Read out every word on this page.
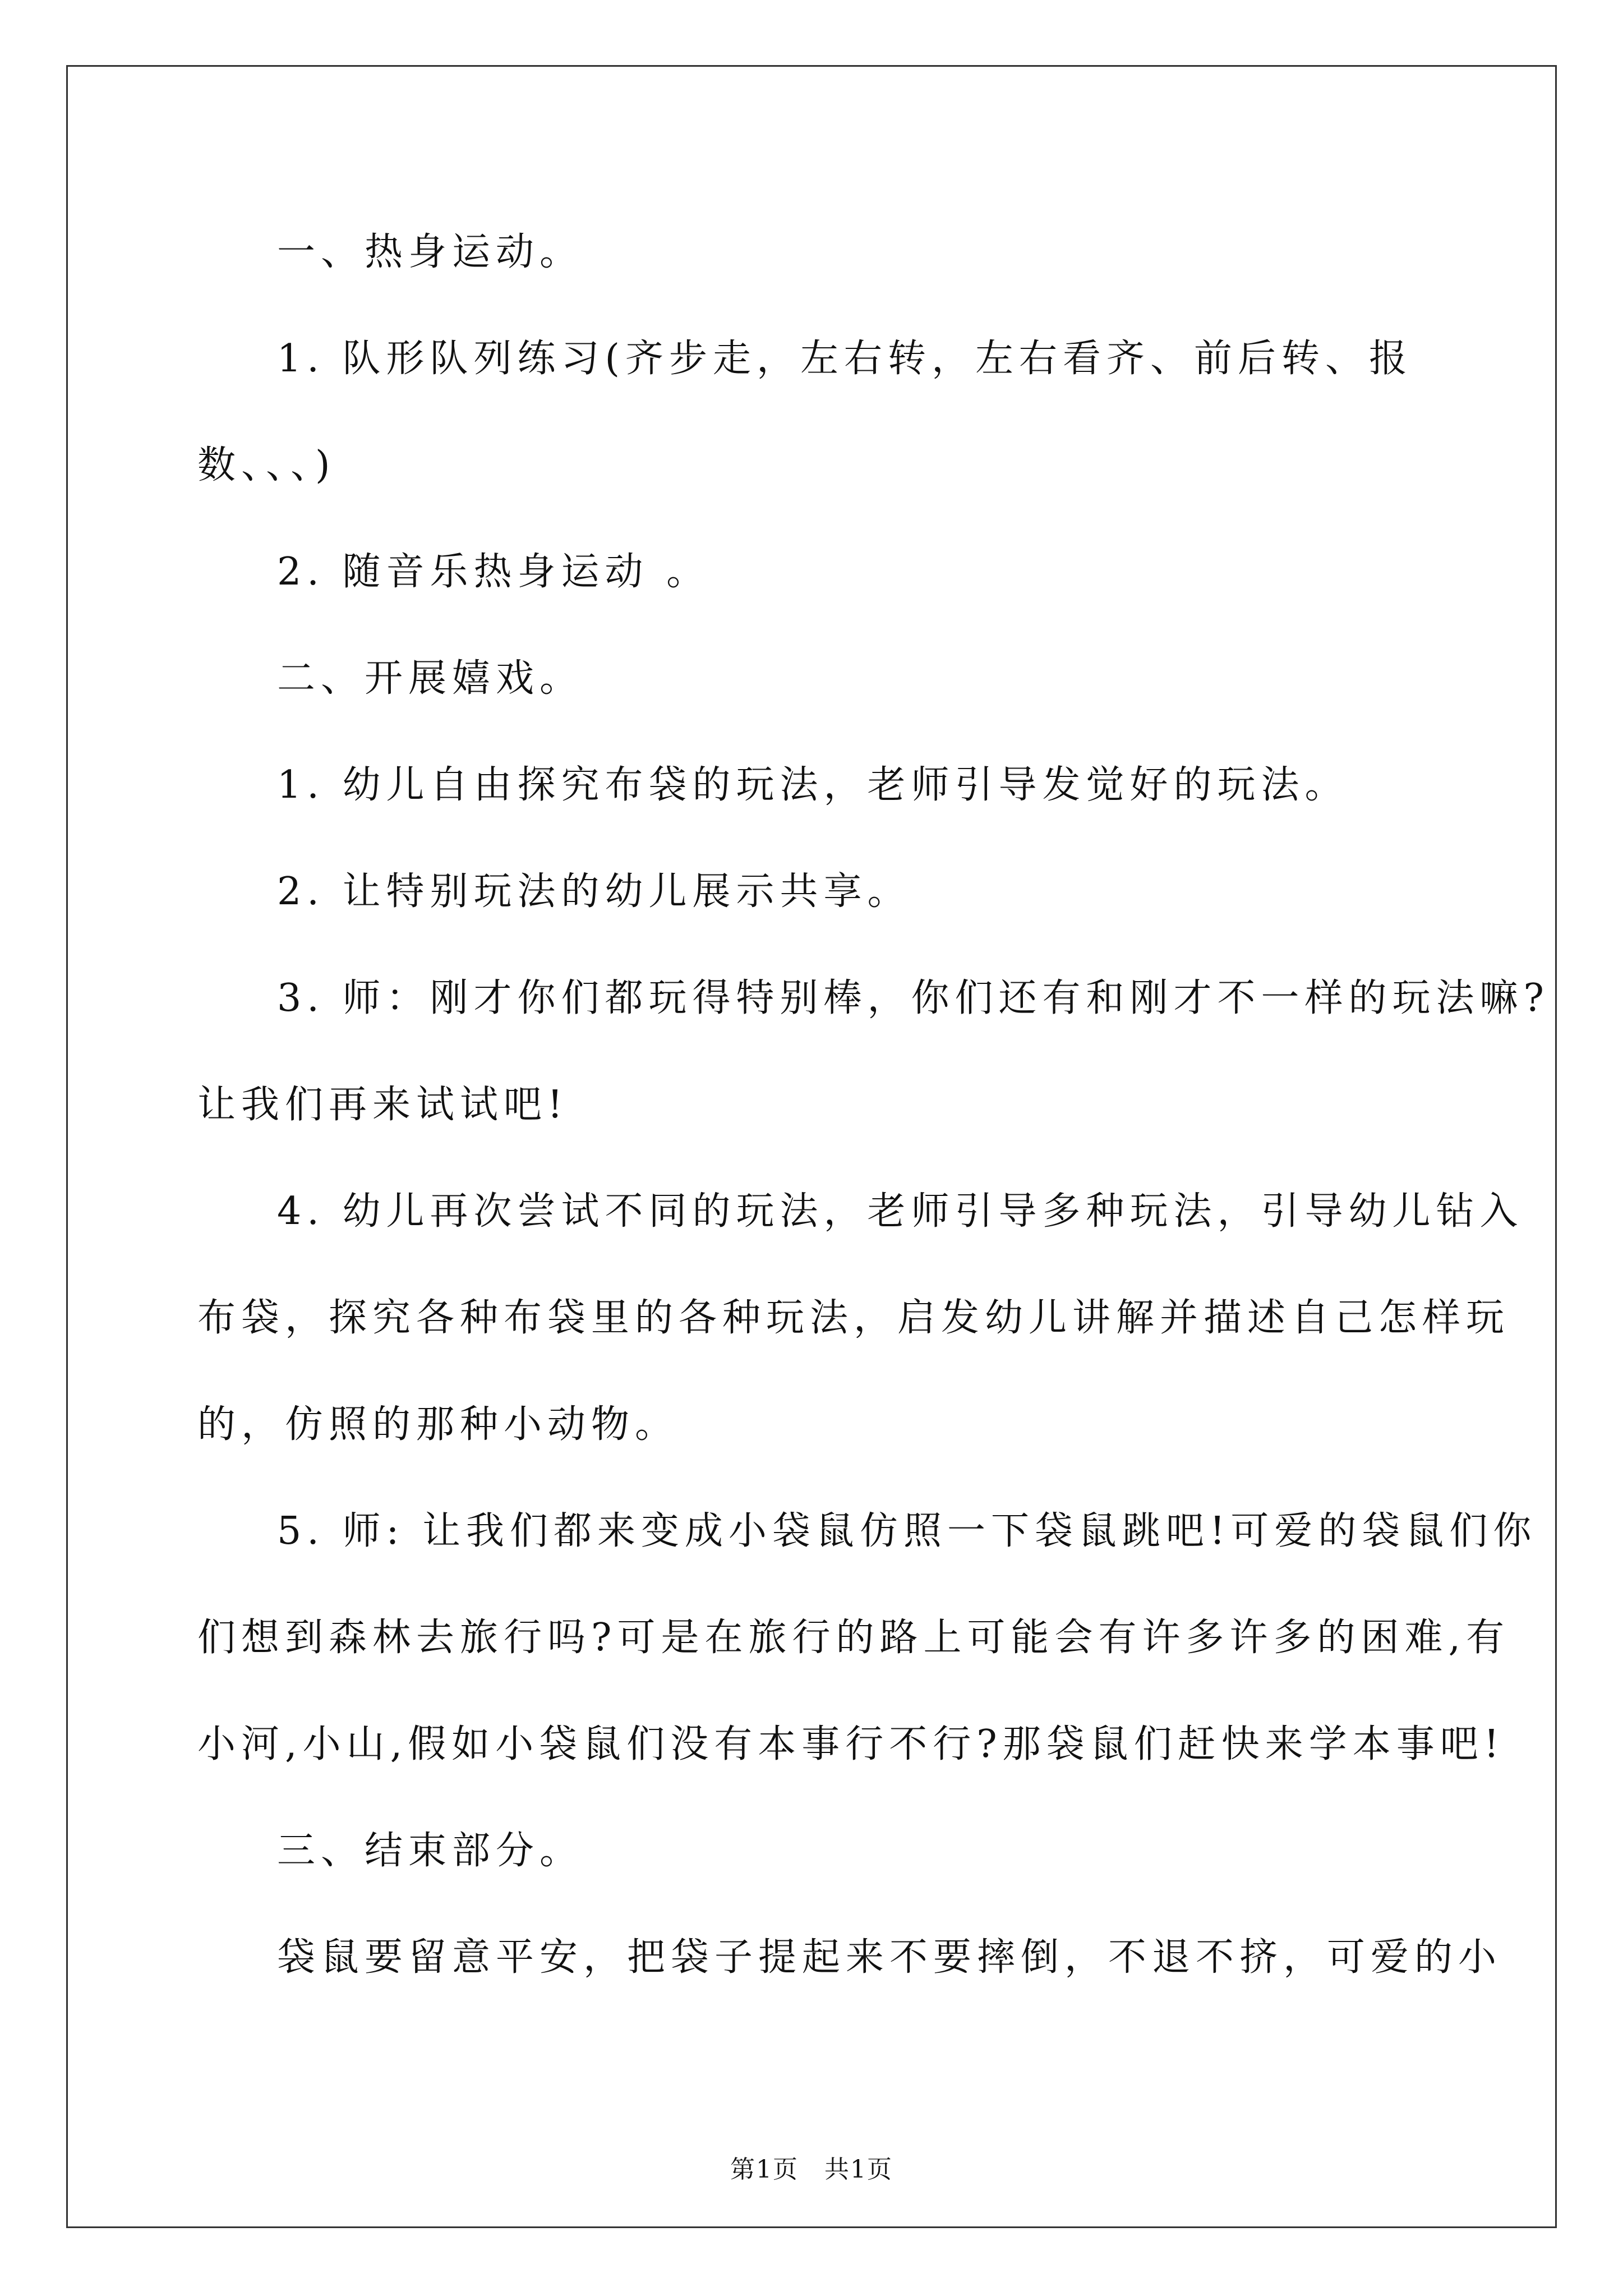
一、热身运动。

1. 队形队列练习(齐步走，左右转，左右看齐、前后转、报

数、、、)

2. 随音乐热身运动 。

二、开展嬉戏。

1. 幼儿自由探究布袋的玩法，老师引导发觉好的玩法。

2. 让特别玩法的幼儿展示共享。

3. 师：刚才你们都玩得特别棒，你们还有和刚才不一样的玩法嘛?

让我们再来试试吧!

4. 幼儿再次尝试不同的玩法，老师引导多种玩法，引导幼儿钻入

布袋，探究各种布袋里的各种玩法，启发幼儿讲解并描述自己怎样玩

的，仿照的那种小动物。

5. 师: 让我们都来变成小袋鼠仿照一下袋鼠跳吧!可爱的袋鼠们你

们想到森林去旅行吗?可是在旅行的路上可能会有许多许多的困难,有

小河,小山,假如小袋鼠们没有本事行不行?那袋鼠们赶快来学本事吧!

三、结束部分。

袋鼠要留意平安，把袋子提起来不要摔倒，不退不挤，可爱的小

第1页　共1页
